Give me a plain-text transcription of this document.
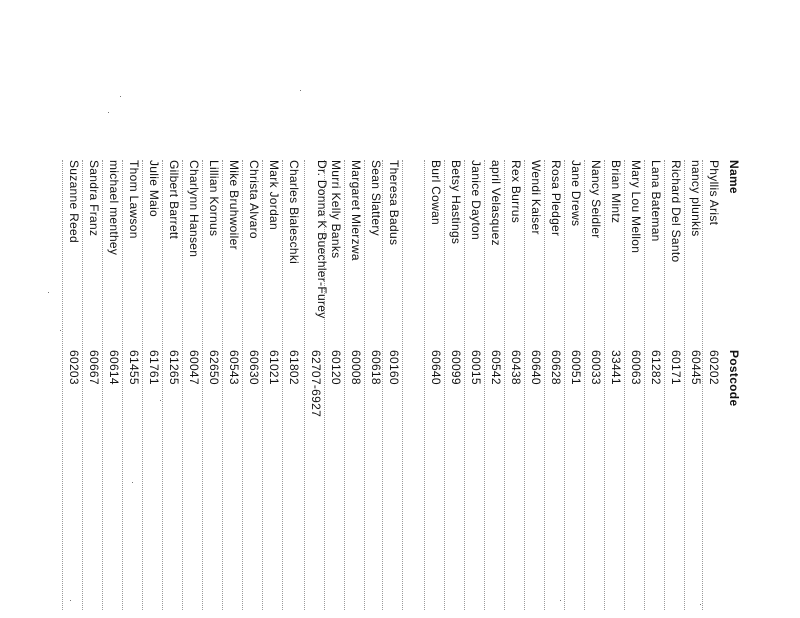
Name
Postcode
Phyllis Arist
60202
nancy plunkis
60445
Richard Del Santo
60171
Lana Bateman
61282
Mary Lou Mellon
60063
Brian Mintz
33441
Nancy Seidler
60033
Jane Drews
60051
Rosa Pledger
60628
Wendi Kaiser
60640
Rex Burrus
60438
april Velasquez
60542
Janice Dayton
60015
Betsy Hastings
60099
Burl Cowan
60640
Theresa Badus
60160
Sean Slattery
60618
Margaret Mierzwa
60008
Murri Kelly Banks
60120
Dr. Donna K Buechler-Furey
62707-6927
Charles Bialeschki
61802
Mark Jordan
61021
Christa Alvaro
60630
Mike Bruhwoiler
60543
Lillian Kornus
62650
Charlynn Hansen
60047
Gilbert Barrett
61265
Julie Maio
61761
Thom Lawson
61455
michael menthey
60614
Sandra Franz
60667
Suzanne Reed
60203
